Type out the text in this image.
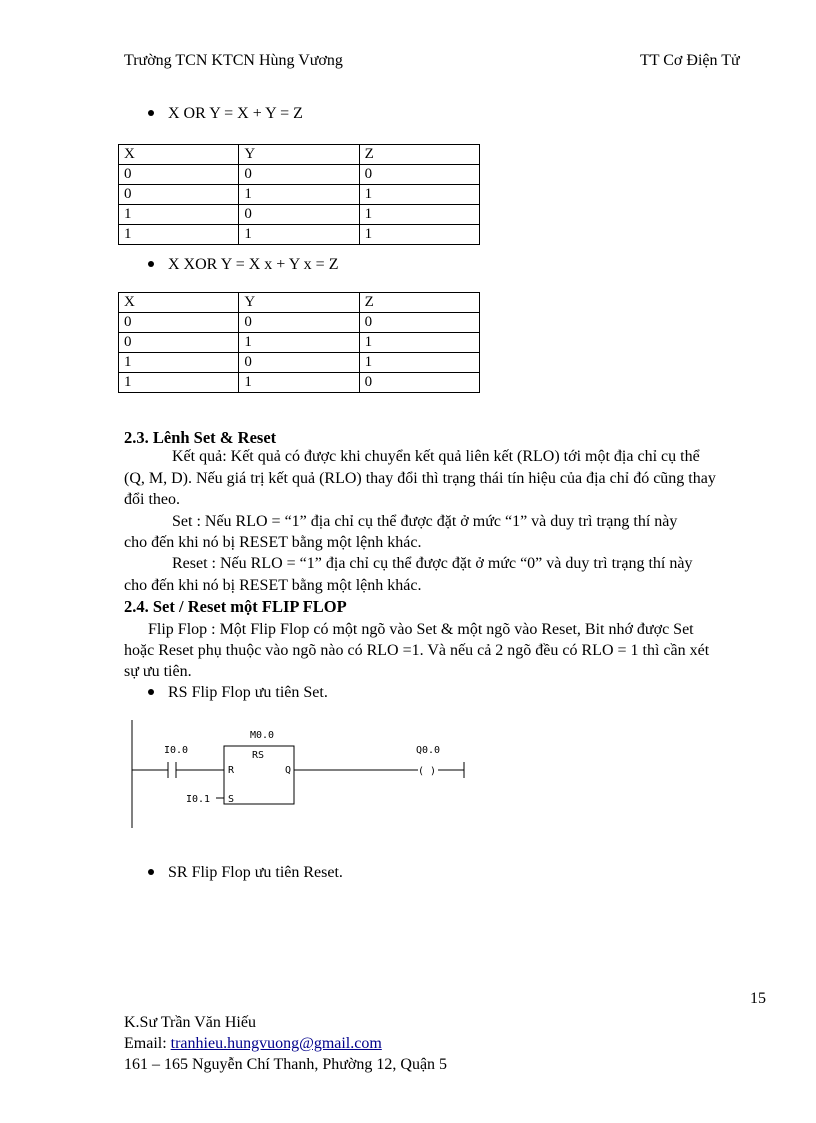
Trường TCN KTCN Hùng Vương	TT Cơ Điện Tử
X OR Y = X + Y = Z
X	Y	Z
0	0	0
0	1	1
1	0	1
1	1	1
X XOR Y = X x + Y x = Z
X	Y	Z
0	0	0
0	1	1
1	0	1
1	1	0
2.3. Lênh Set & Reset
Kết quả: Kết quả có được khi chuyển kết quả liên kết (RLO) tới một địa chỉ cụ thể
(Q, M, D). Nếu giá trị kết quả (RLO) thay đổi thì trạng thái tín hiệu của địa chỉ đó cũng thay
đổi theo.
Set : Nếu RLO = “1” địa chỉ cụ thể được đặt ở mức “1” và duy trì trạng thí này
cho đến khi nó bị RESET bằng một lệnh khác.
Reset : Nếu RLO = “1” địa chỉ cụ thể được đặt ở mức “0” và duy trì trạng thí này
cho đến khi nó bị RESET bằng một lệnh khác.
2.4. Set / Reset một FLIP FLOP
Flip Flop : Một Flip Flop có một ngõ vào Set & một ngõ vào Reset, Bit nhớ được Set
hoặc Reset phụ thuộc vào ngõ nào có RLO =1. Và nếu cả 2 ngõ đều có RLO = 1 thì cần xét
sự ưu tiên.
RS Flip Flop ưu tiên Set.
I0.0
M0.0
RS
R	Q
S
I0.1
Q0.0
( )
SR Flip Flop ưu tiên Reset.
15
K.Sư Trần Văn Hiếu
Email: tranhieu.hungvuong@gmail.com
161 – 165 Nguyễn Chí Thanh, Phường 12, Quận 5
